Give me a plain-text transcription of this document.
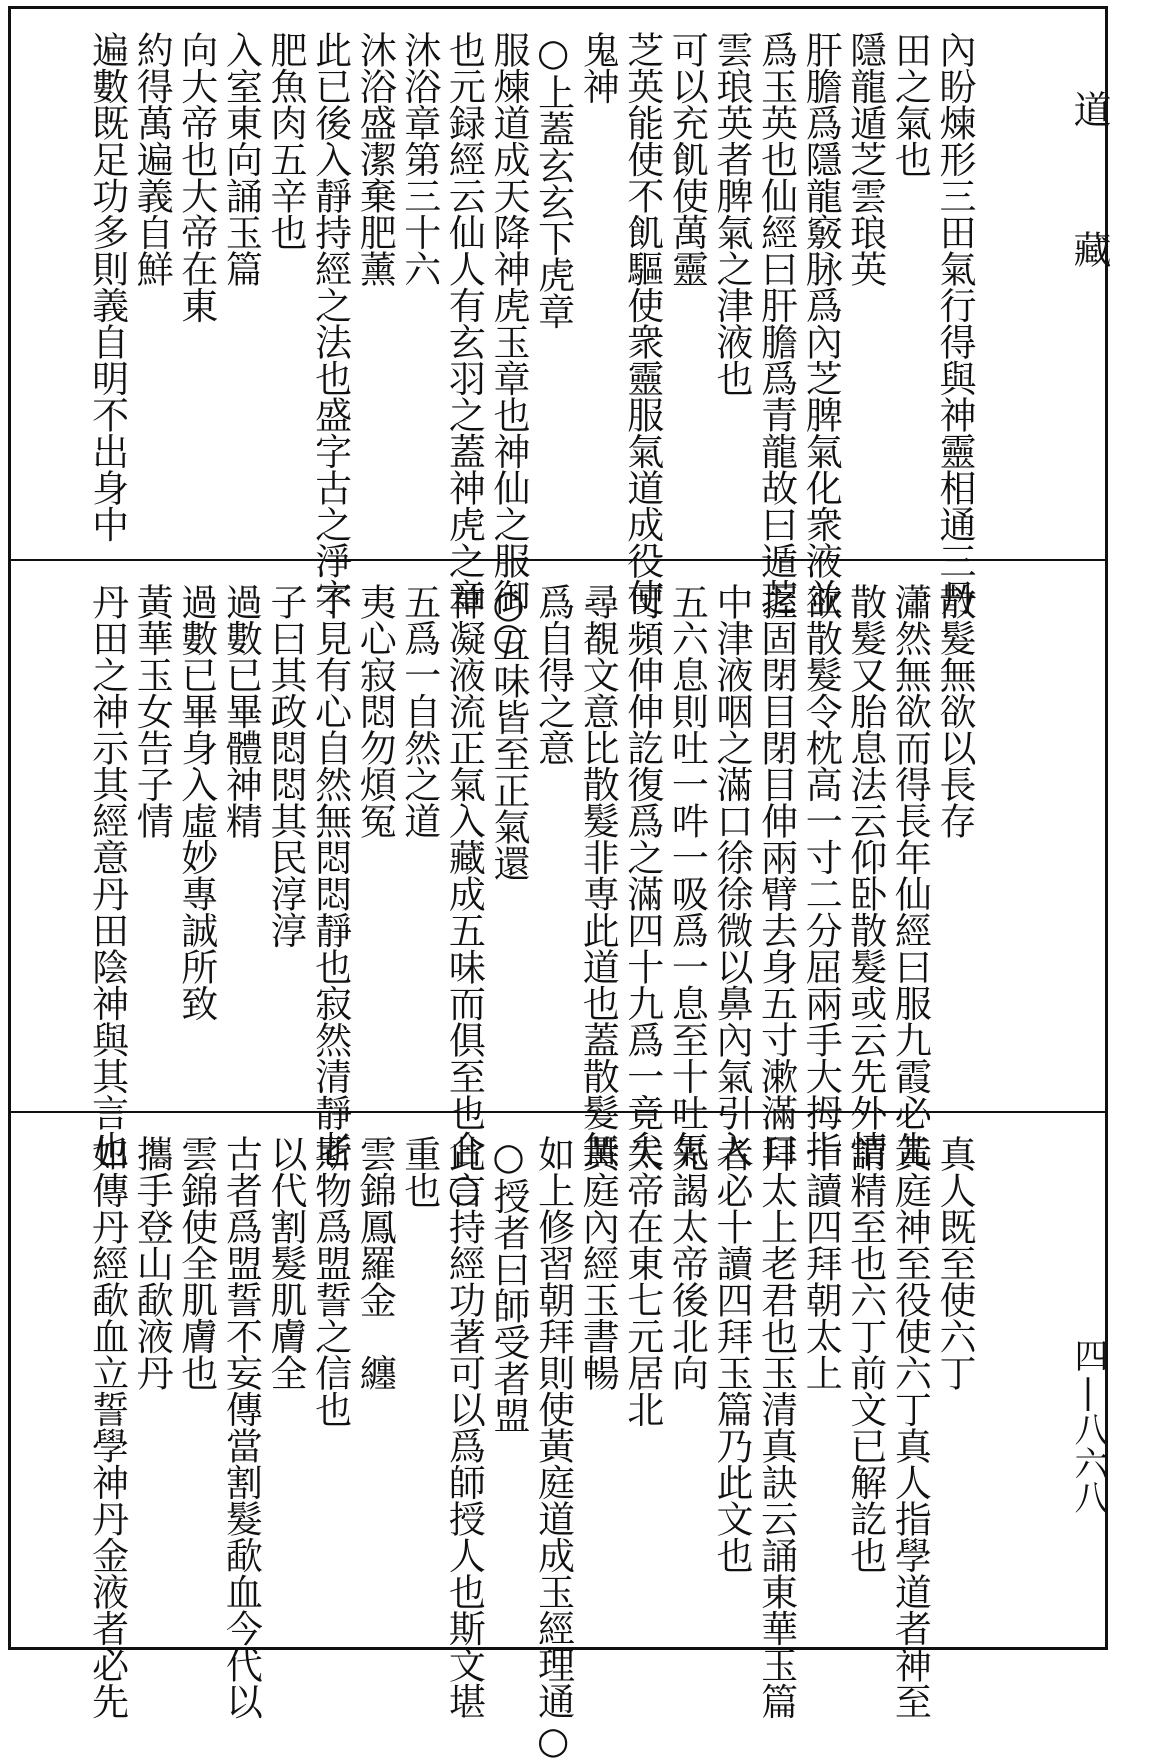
內盼煉形三田氣行得與神靈相通三丹
田之氣也
隱龍遁芝雲琅英
肝膽爲隱龍竅脉爲內芝脾氣化衆液並
爲玉英也仙經曰肝膽爲青龍故曰遁芝
雲琅英者脾氣之津液也
可以充飢使萬靈
芝英能使不飢驅使衆靈服氣道成役使
鬼神
○上蓋玄玄下虎章
服煉道成天降神虎玉章也神仙之服御○
也元録經云仙人有玄羽之蓋神虎之章
沐浴章第三十六
沐浴盛潔棄肥薰
此已後入靜持經之法也盛字古之淨字
肥魚肉五辛也
入室東向誦玉篇
向大帝也大帝在東
約得萬遍義自鮮
遍數既足功多則義自明不出身中
散髮無欲以長存
瀟然無欲而得長年仙經曰服九霞必先
散髮又胎息法云仰卧散髮或云先外情
欲散髮令枕高一寸二分屈兩手大拇指
握固閉目閉目伸兩臂去身五寸漱滿口
中津液咽之滿口徐徐微以鼻內氣引入
五六息則吐一吽一吸爲一息至十吐氣
可頻伸伸訖復爲之滿四十九爲一竟矣
尋覩文意比散髮非専此道也蓋散髮無
爲自得之意
○五味皆至正氣還
神凝液流正氣入藏成五味而俱至也合○
五爲一自然之道
夷心寂悶勿煩冤
不見有心自然無悶悶靜也寂然清靜老
子曰其政悶悶其民淳淳
過數已畢體神精
過數已畢身入虛妙專誠所致
黃華玉女告子情
丹田之神示其經意丹田陰神與其言也
真人既至使六丁
黃庭神至役使六丁真人指學道者神至
謂精至也六丁前文已解訖也
十讀四拜朝太上
拜太上老君也玉清真訣云誦東華玉篇
者必十讀四拜玉篇乃此文也
先謁太帝後北向
太帝在東七元居北
黃庭內經玉書暢
如上修習朝拜則使黃庭道成玉經理通○
○授者曰師受者盟
此言持經功著可以爲師授人也斯文堪
重也
雲錦鳳羅金　纏
斯物爲盟誓之信也
以代割髮肌膚全
古者爲盟誓不妄傳當割髮歃血今代以
雲錦使全肌膚也
攜手登山歃液丹
如傳丹經歃血立誓學神丹金液者必先
道
藏
四|八六八
